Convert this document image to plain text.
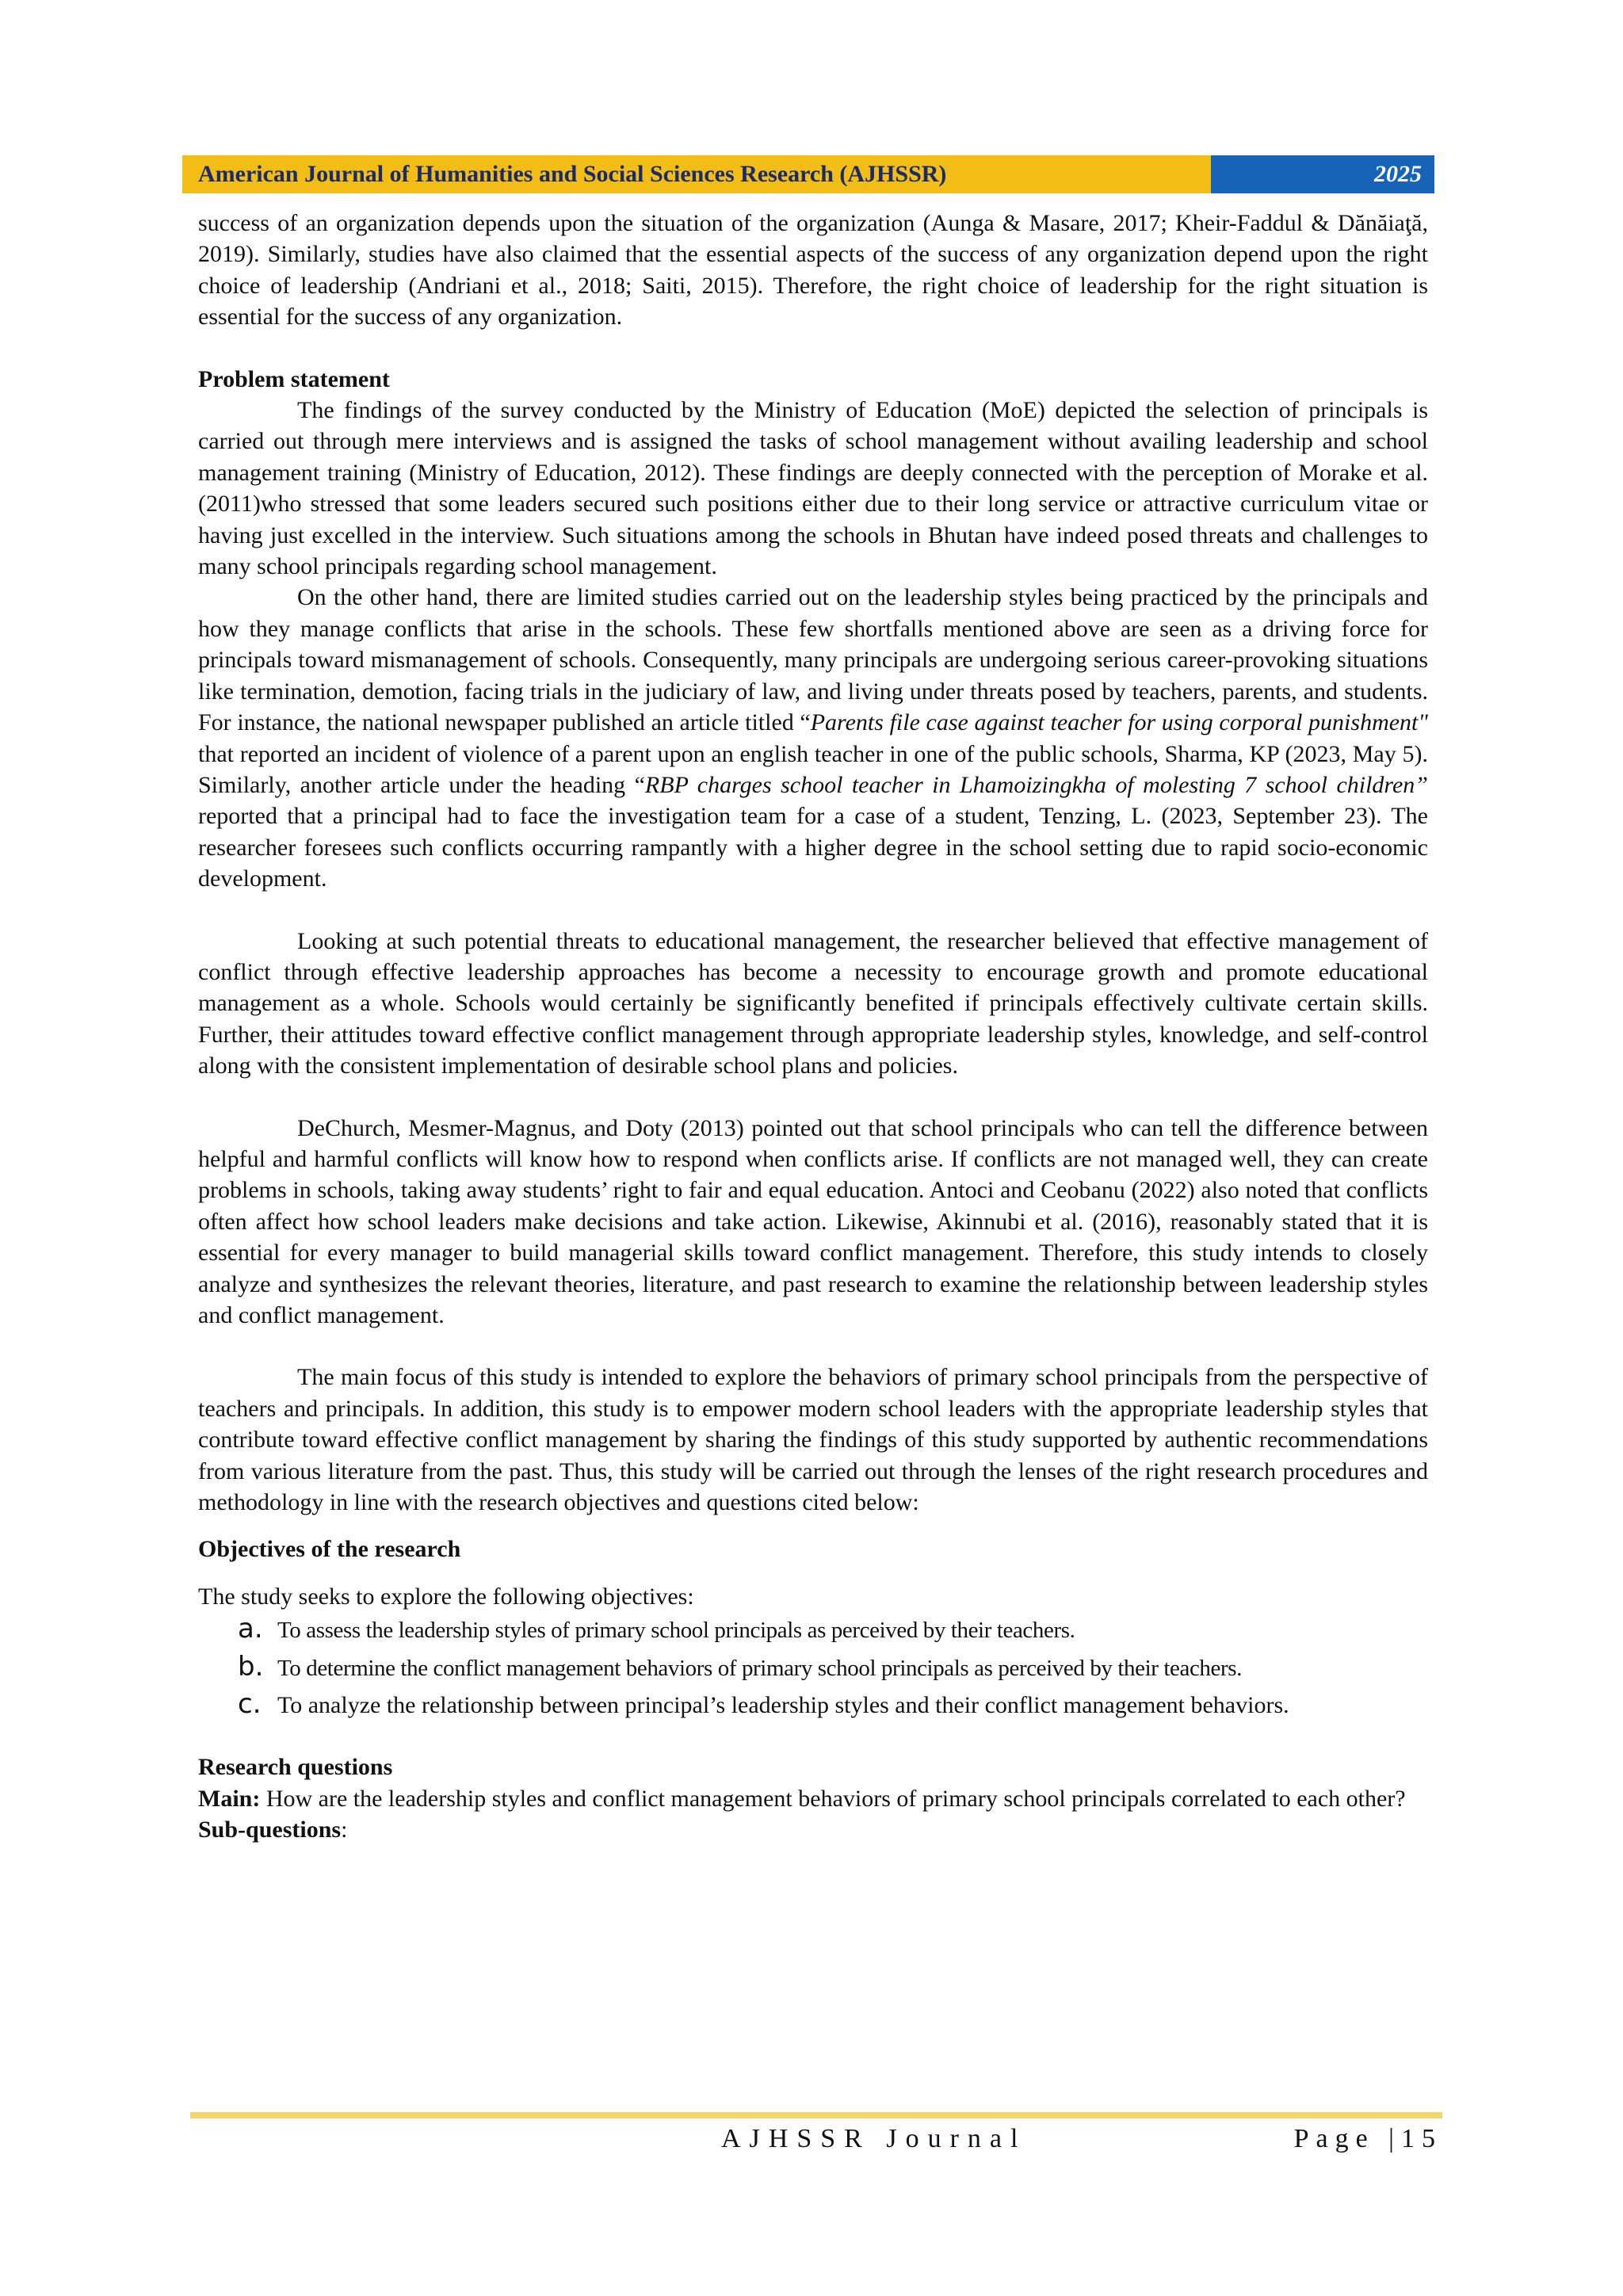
American Journal of Humanities and Social Sciences Research (AJHSSR)	2025

success of an organization depends upon the situation of the organization (Aunga & Masare, 2017; Kheir-Faddul & Dănăiaţă, 2019). Similarly, studies have also claimed that the essential aspects of the success of any organization depend upon the right choice of leadership (Andriani et al., 2018; Saiti, 2015). Therefore, the right choice of leadership for the right situation is essential for the success of any organization.

Problem statement

The findings of the survey conducted by the Ministry of Education (MoE) depicted the selection of principals is carried out through mere interviews and is assigned the tasks of school management without availing leadership and school management training (Ministry of Education, 2012). These findings are deeply connected with the perception of Morake et al.(2011)who stressed that some leaders secured such positions either due to their long service or attractive curriculum vitae or having just excelled in the interview. Such situations among the schools in Bhutan have indeed posed threats and challenges to many school principals regarding school management.

On the other hand, there are limited studies carried out on the leadership styles being practiced by the principals and how they manage conflicts that arise in the schools. These few shortfalls mentioned above are seen as a driving force for principals toward mismanagement of schools. Consequently, many principals are undergoing serious career-provoking situations like termination, demotion, facing trials in the judiciary of law, and living under threats posed by teachers, parents, and students. For instance, the national newspaper published an article titled “Parents file case against teacher for using corporal punishment" that reported an incident of violence of a parent upon an english teacher in one of the public schools, Sharma, KP (2023, May 5). Similarly, another article under the heading “RBP charges school teacher in Lhamoizingkha of molesting 7 school children” reported that a principal had to face the investigation team for a case of a student, Tenzing, L. (2023, September 23). The researcher foresees such conflicts occurring rampantly with a higher degree in the school setting due to rapid socio-economic development.

Looking at such potential threats to educational management, the researcher believed that effective management of conflict through effective leadership approaches has become a necessity to encourage growth and promote educational management as a whole. Schools would certainly be significantly benefited if principals effectively cultivate certain skills. Further, their attitudes toward effective conflict management through appropriate leadership styles, knowledge, and self-control along with the consistent implementation of desirable school plans and policies.

DeChurch, Mesmer-Magnus, and Doty (2013) pointed out that school principals who can tell the difference between helpful and harmful conflicts will know how to respond when conflicts arise. If conflicts are not managed well, they can create problems in schools, taking away students’ right to fair and equal education. Antoci and Ceobanu (2022) also noted that conflicts often affect how school leaders make decisions and take action. Likewise, Akinnubi et al. (2016), reasonably stated that it is essential for every manager to build managerial skills toward conflict management. Therefore, this study intends to closely analyze and synthesizes the relevant theories, literature, and past research to examine the relationship between leadership styles and conflict management.

The main focus of this study is intended to explore the behaviors of primary school principals from the perspective of teachers and principals. In addition, this study is to empower modern school leaders with the appropriate leadership styles that contribute toward effective conflict management by sharing the findings of this study supported by authentic recommendations from various literature from the past. Thus, this study will be carried out through the lenses of the right research procedures and methodology in line with the research objectives and questions cited below:

Objectives of the research

The study seeks to explore the following objectives:

a. To assess the leadership styles of primary school principals as perceived by their teachers.
b. To determine the conflict management behaviors of primary school principals as perceived by their teachers.
c. To analyze the relationship between principal’s leadership styles and their conflict management behaviors.

Research questions

Main: How are the leadership styles and conflict management behaviors of primary school principals correlated to each other?

Sub-questions:

AJHSSR Journal	Page |15
